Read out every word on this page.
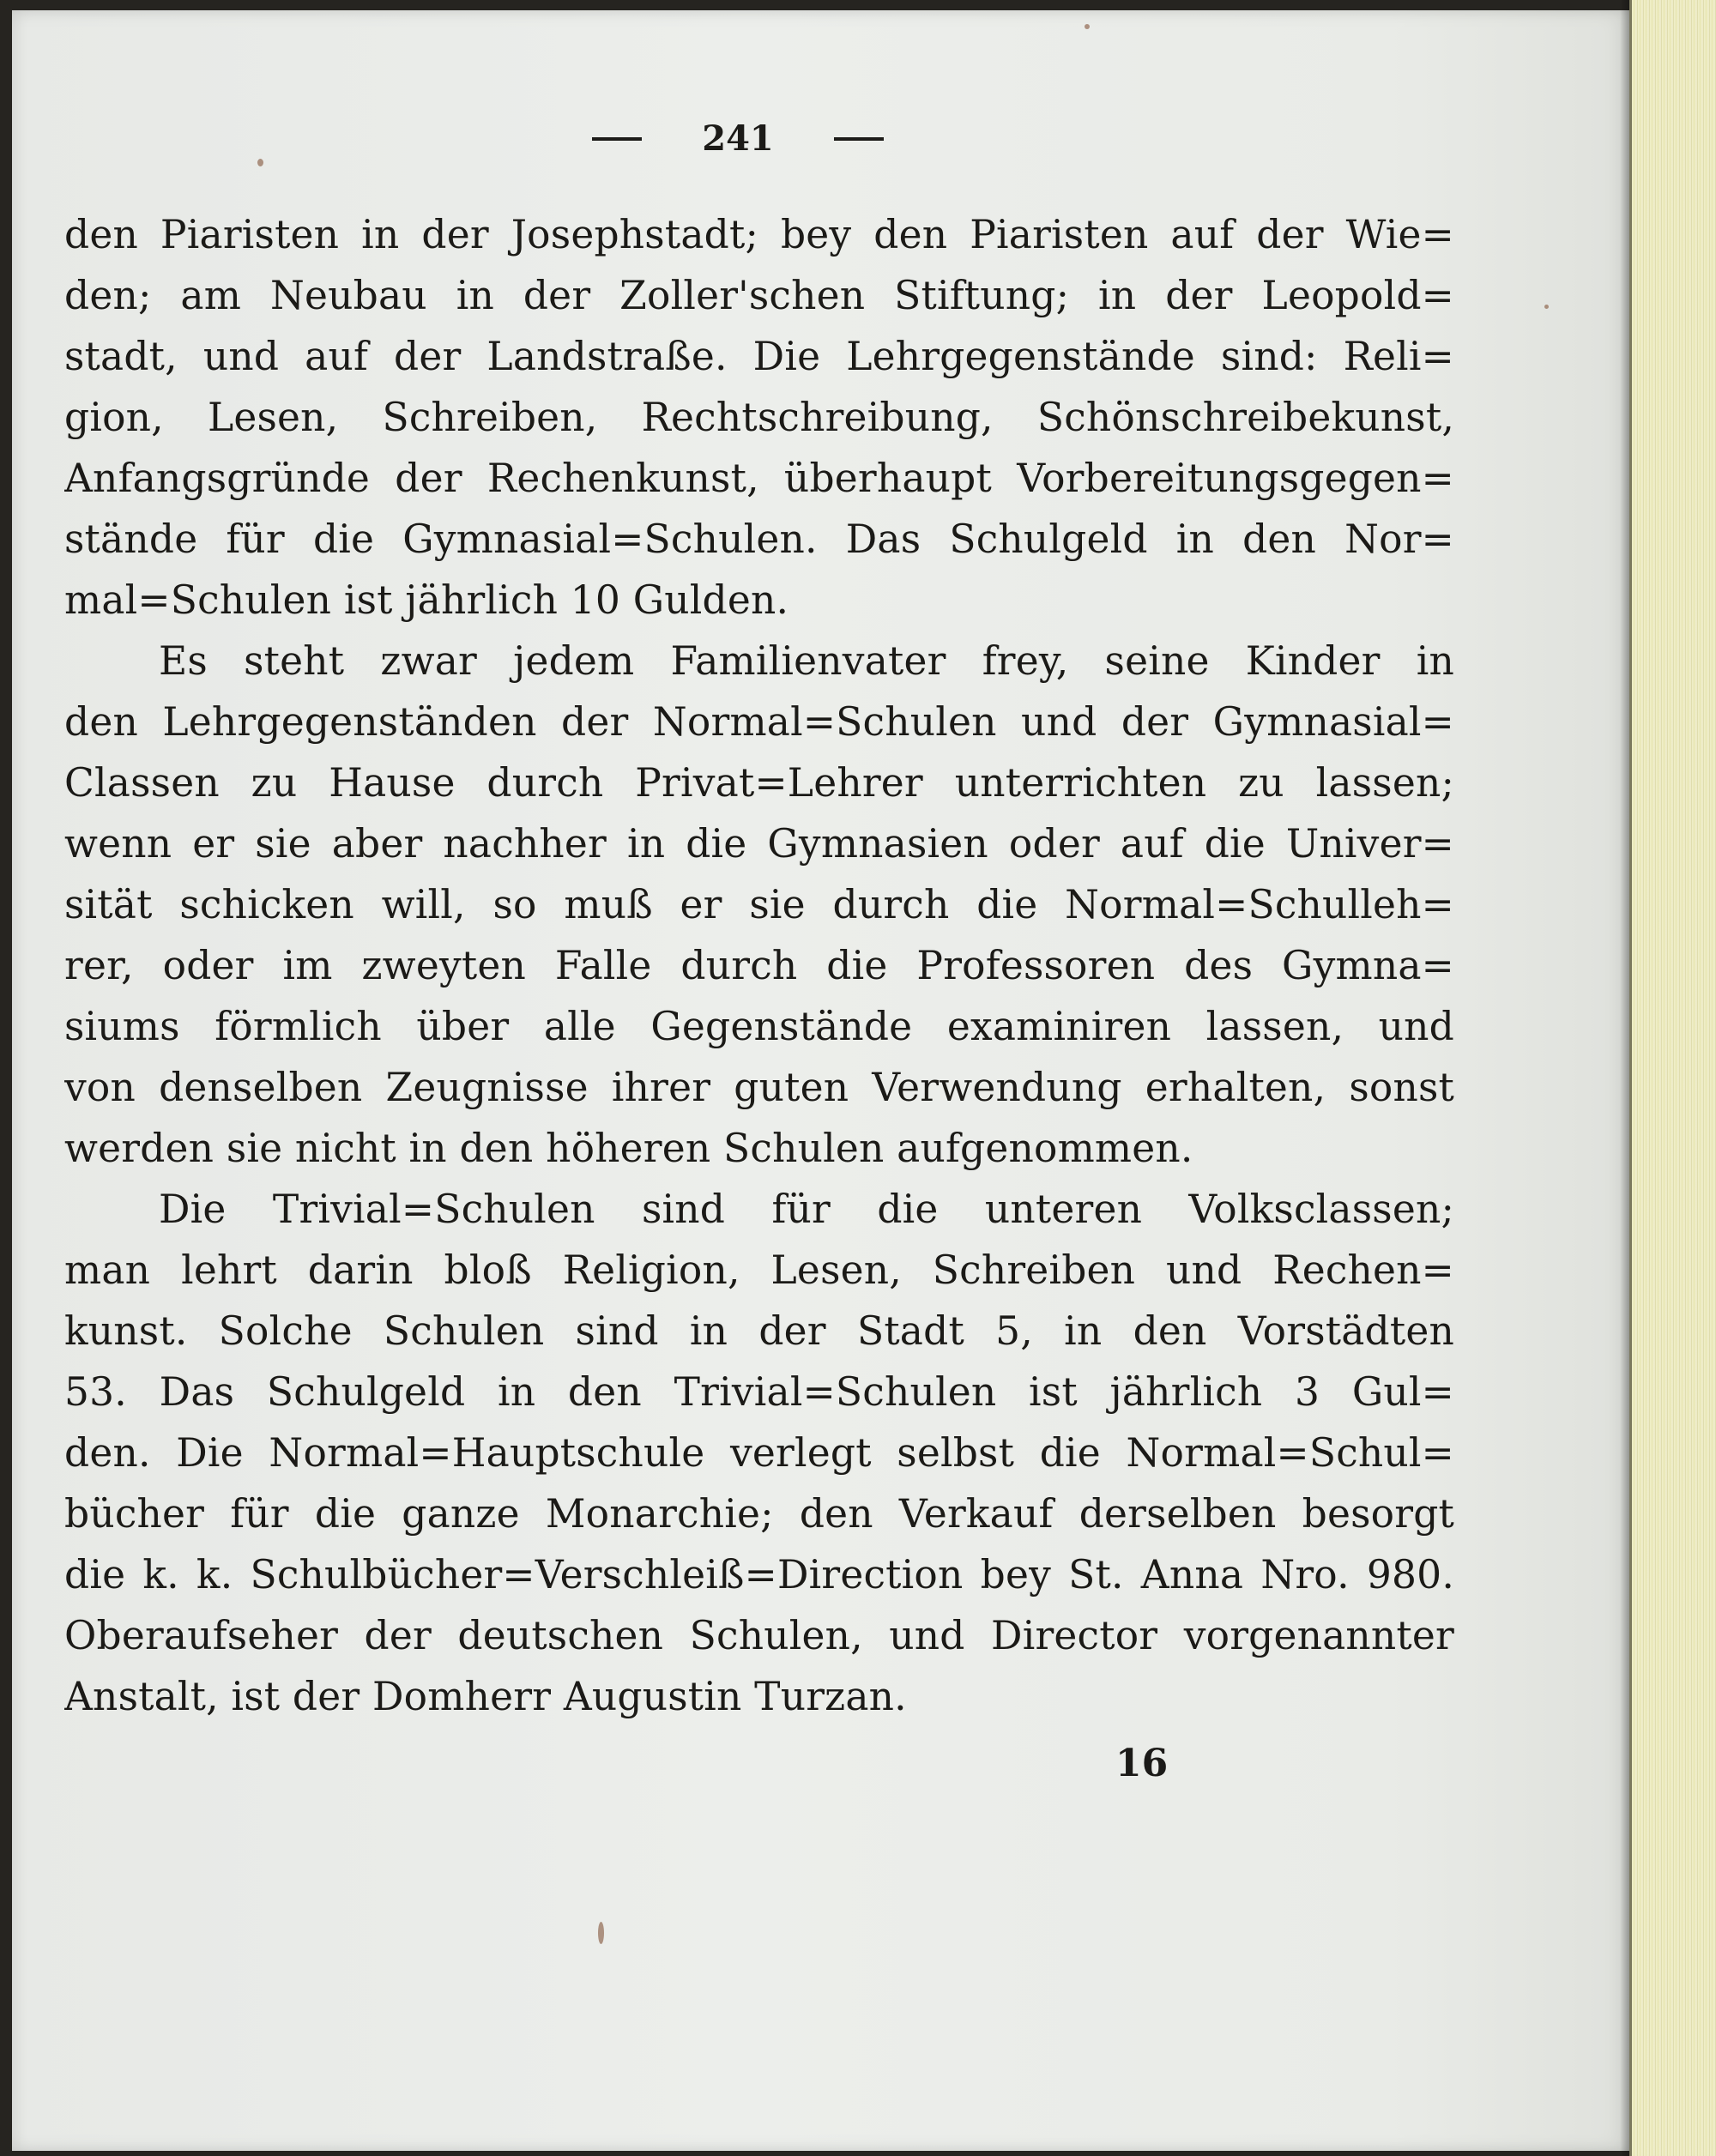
241
den Piaristen in der Josephstadt; bey den Piaristen auf der Wie=
den; am Neubau in der Zoller'schen Stiftung; in der Leopold=
stadt, und auf der Landstraße. Die Lehrgegenstände sind: Reli=
gion, Lesen, Schreiben, Rechtschreibung, Schönschreibekunst,
Anfangsgründe der Rechenkunst, überhaupt Vorbereitungsgegen=
stände für die Gymnasial=Schulen. Das Schulgeld in den Nor=
mal=Schulen ist jährlich 10 Gulden.
Es steht zwar jedem Familienvater frey, seine Kinder in
den Lehrgegenständen der Normal=Schulen und der Gymnasial=
Classen zu Hause durch Privat=Lehrer unterrichten zu lassen;
wenn er sie aber nachher in die Gymnasien oder auf die Univer=
sität schicken will, so muß er sie durch die Normal=Schulleh=
rer, oder im zweyten Falle durch die Professoren des Gymna=
siums förmlich über alle Gegenstände examiniren lassen, und
von denselben Zeugnisse ihrer guten Verwendung erhalten, sonst
werden sie nicht in den höheren Schulen aufgenommen.
Die Trivial=Schulen sind für die unteren Volksclassen;
man lehrt darin bloß Religion, Lesen, Schreiben und Rechen=
kunst. Solche Schulen sind in der Stadt 5, in den Vorstädten
53. Das Schulgeld in den Trivial=Schulen ist jährlich 3 Gul=
den. Die Normal=Hauptschule verlegt selbst die Normal=Schul=
bücher für die ganze Monarchie; den Verkauf derselben besorgt
die k. k. Schulbücher=Verschleiß=Direction bey St. Anna Nro. 980.
Oberaufseher der deutschen Schulen, und Director vorgenannter
Anstalt, ist der Domherr Augustin Turzan.
16
